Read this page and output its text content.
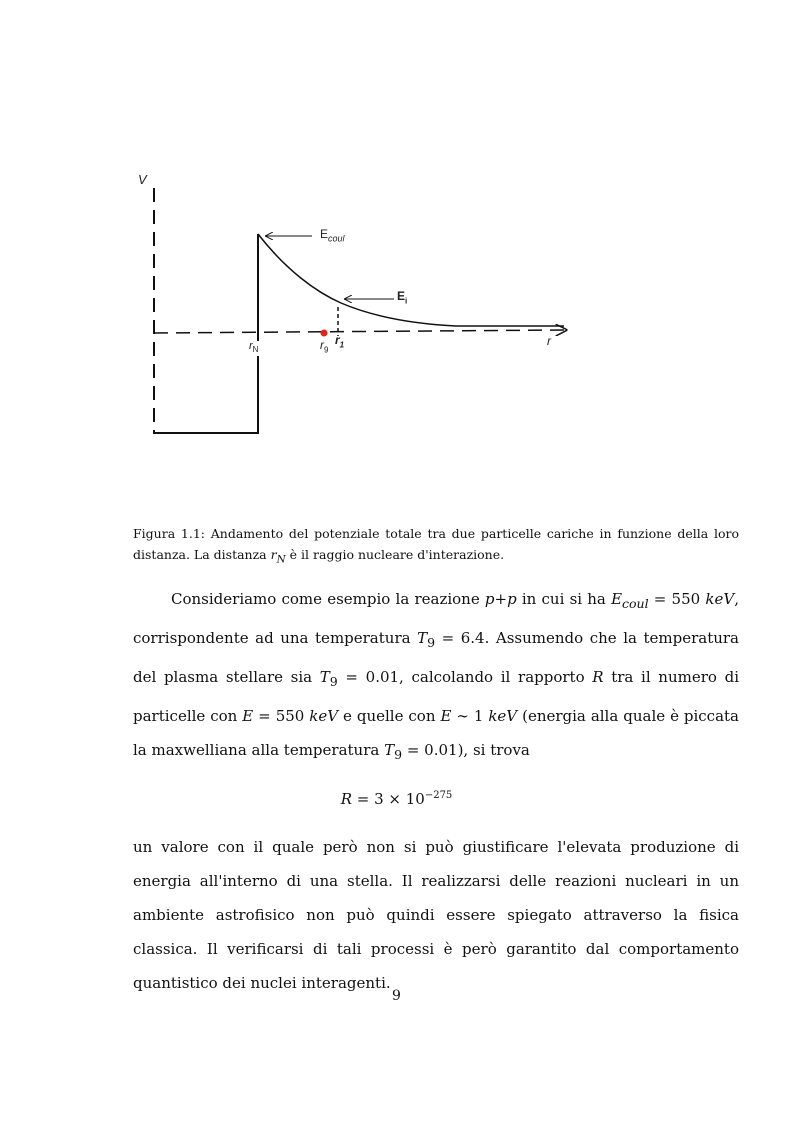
V
$E_{coul}$
$E_i$
$r_N$	$r_9$
$r_1$	r
Figura 1.1: Andamento del potenziale totale tra due particelle cariche in funzione della loro distanza. La distanza $r_N$ è il raggio nucleare d'interazione.
Consideriamo come esempio la reazione p+p in cui si ha $E_{coul} = 550$ keV, corrispondente ad una temperatura $T_9 = 6.4$. Assumendo che la temperatura del plasma stellare sia $T_9 = 0.01$, calcolando il rapporto R tra il numero di particelle con E = 550 keV e quelle con E ∼ 1 keV (energia alla quale è piccata la maxwelliana alla temperatura $T_9 = 0.01$), si trova
$R = 3 \times 10^{-275}$
un valore con il quale però non si può giustificare l'elevata produzione di energia all'interno di una stella. Il realizzarsi delle reazioni nucleari in un ambiente astrofisico non può quindi essere spiegato attraverso la fisica classica. Il verificarsi di tali processi è però garantito dal comportamento quantistico dei nuclei interagenti.
9
